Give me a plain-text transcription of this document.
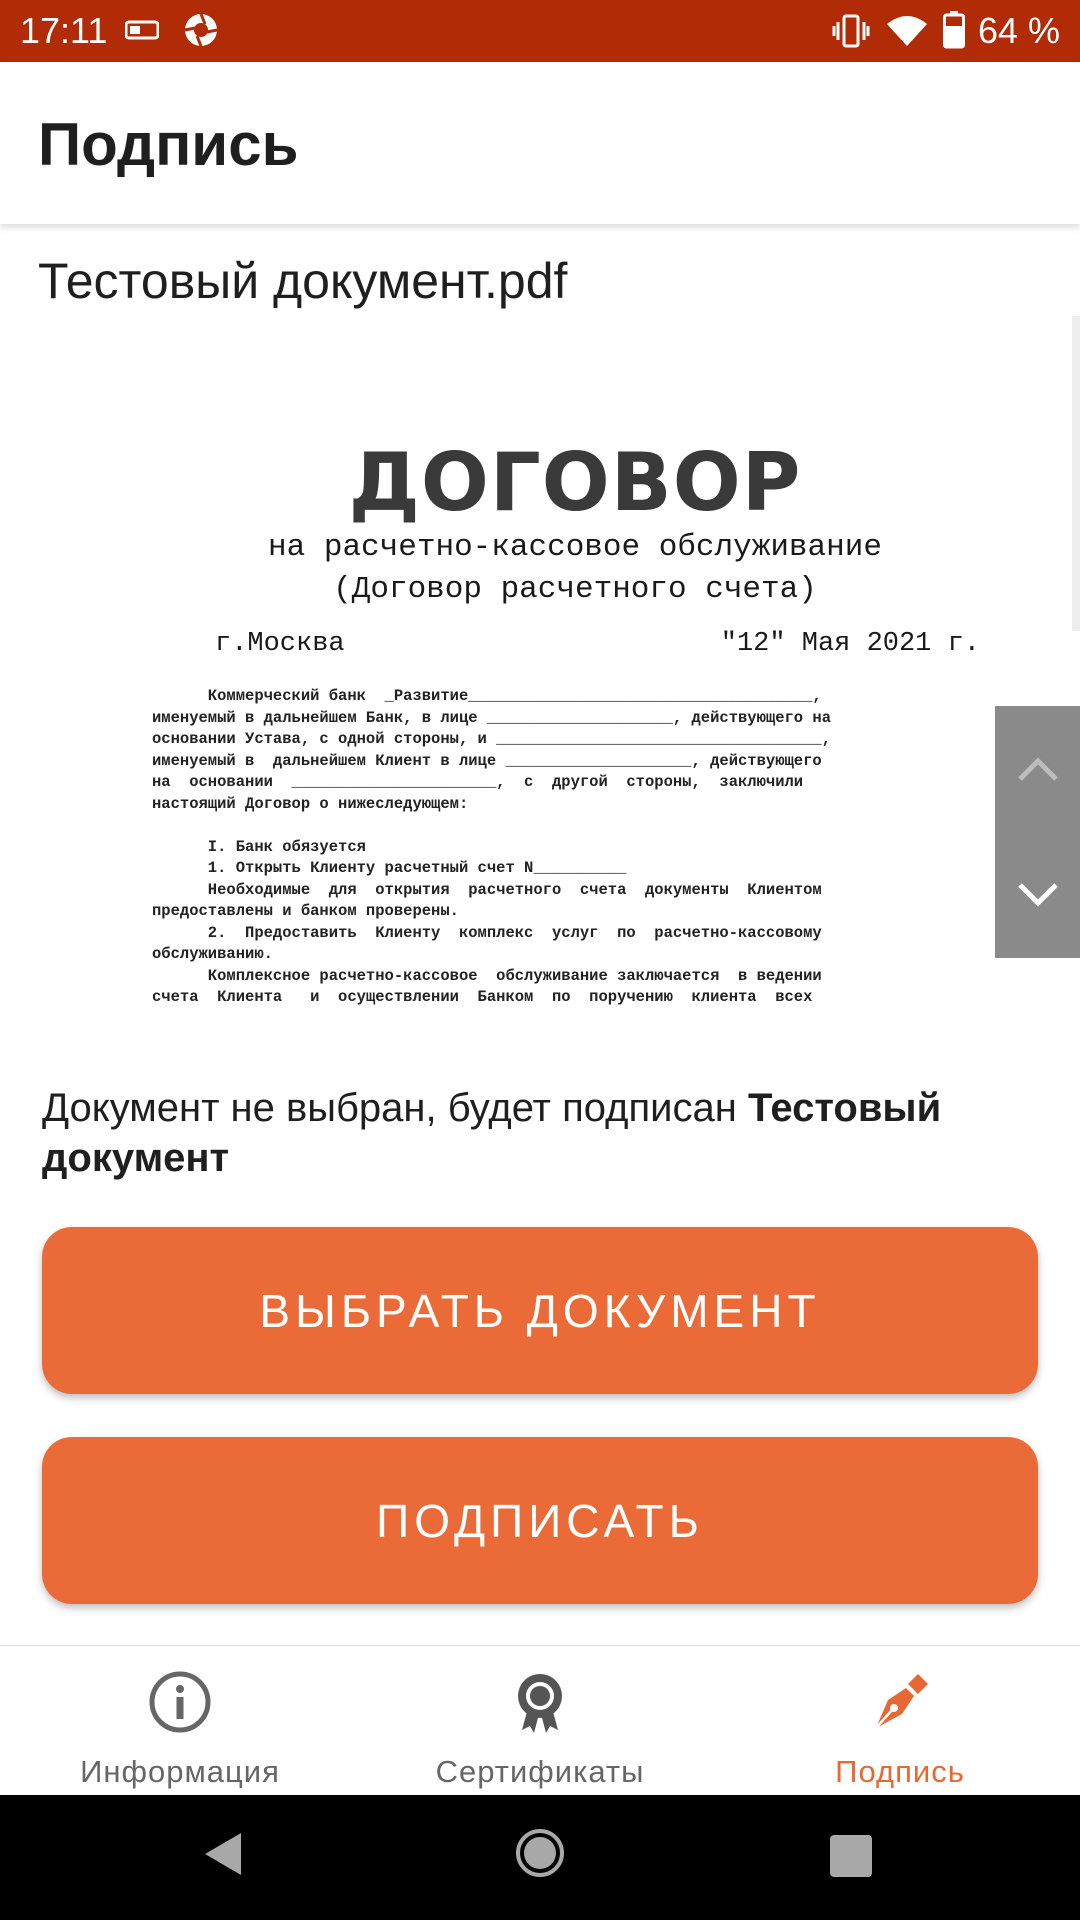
17:11	64 %
Подпись
Тестовый документ.pdf
ДОГОВОР
на расчетно-кассовое обслуживание
(Договор расчетного счета)
г.Москва	"12" Мая 2021 г.
Коммерческий банк  _Развитие_____________________________________,
именуемый в дальнейшем Банк, в лице ____________________, действующего на
основании Устава, с одной стороны, и ___________________________________,
именуемый в  дальнейшем Клиент в лице ____________________, действующего
на  основании  ______________________,  с  другой  стороны,  заключили
настоящий Договор о нижеследующем:
I. Банк обязуется
1. Открыть Клиенту расчетный счет N__________
Необходимые  для  открытия  расчетного  счета  документы  Клиентом
предоставлены и банком проверены.
2.  Предоставить  Клиенту  комплекс  услуг  по  расчетно-кассовому
обслуживанию.
Комплексное расчетно-кассовое  обслуживание заключается  в ведении
счета  Клиента   и  осуществлении  Банком  по  поручению  клиента  всех
Документ не выбран, будет подписан Тестовый документ
ВЫБРАТЬ ДОКУМЕНТ
ПОДПИСАТЬ
Информация	Сертификаты	Подпись
